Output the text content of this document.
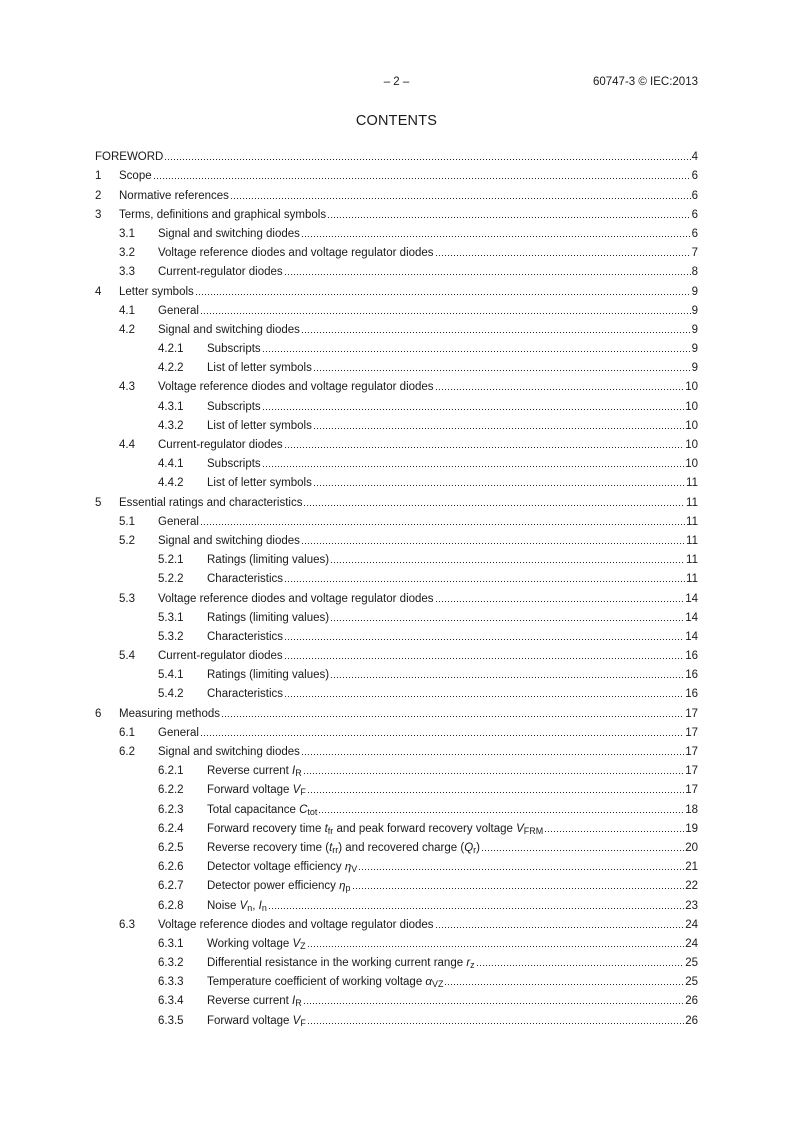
– 2 –	60747-3 © IEC:2013
CONTENTS
FOREWORD	4
1	Scope	6
2	Normative references	6
3	Terms, definitions and graphical symbols	6
3.1	Signal and switching diodes	6
3.2	Voltage reference diodes and voltage regulator diodes	7
3.3	Current-regulator diodes	8
4	Letter symbols	9
4.1	General	9
4.2	Signal and switching diodes	9
4.2.1	Subscripts	9
4.2.2	List of letter symbols	9
4.3	Voltage reference diodes and voltage regulator diodes	10
4.3.1	Subscripts	10
4.3.2	List of letter symbols	10
4.4	Current-regulator diodes	10
4.4.1	Subscripts	10
4.4.2	List of letter symbols	11
5	Essential ratings and characteristics	11
5.1	General	11
5.2	Signal and switching diodes	11
5.2.1	Ratings (limiting values)	11
5.2.2	Characteristics	11
5.3	Voltage reference diodes and voltage regulator diodes	14
5.3.1	Ratings (limiting values)	14
5.3.2	Characteristics	14
5.4	Current-regulator diodes	16
5.4.1	Ratings (limiting values)	16
5.4.2	Characteristics	16
6	Measuring methods	17
6.1	General	17
6.2	Signal and switching diodes	17
6.2.1	Reverse current $I_R$	17
6.2.2	Forward voltage $V_F$	17
6.2.3	Total capacitance $C_{tot}$	18
6.2.4	Forward recovery time $t_{fr}$ and peak forward recovery voltage $V_{FRM}$	19
6.2.5	Reverse recovery time $(t_{rr})$ and recovered charge $(Q_r)$	20
6.2.6	Detector voltage efficiency $\eta_V$	21
6.2.7	Detector power efficiency $\eta_p$	22
6.2.8	Noise $V_n$, $I_n$	23
6.3	Voltage reference diodes and voltage regulator diodes	24
6.3.1	Working voltage $V_Z$	24
6.3.2	Differential resistance in the working current range $r_z$	25
6.3.3	Temperature coefficient of working voltage $\alpha_{VZ}$	25
6.3.4	Reverse current $I_R$	26
6.3.5	Forward voltage $V_F$	26
